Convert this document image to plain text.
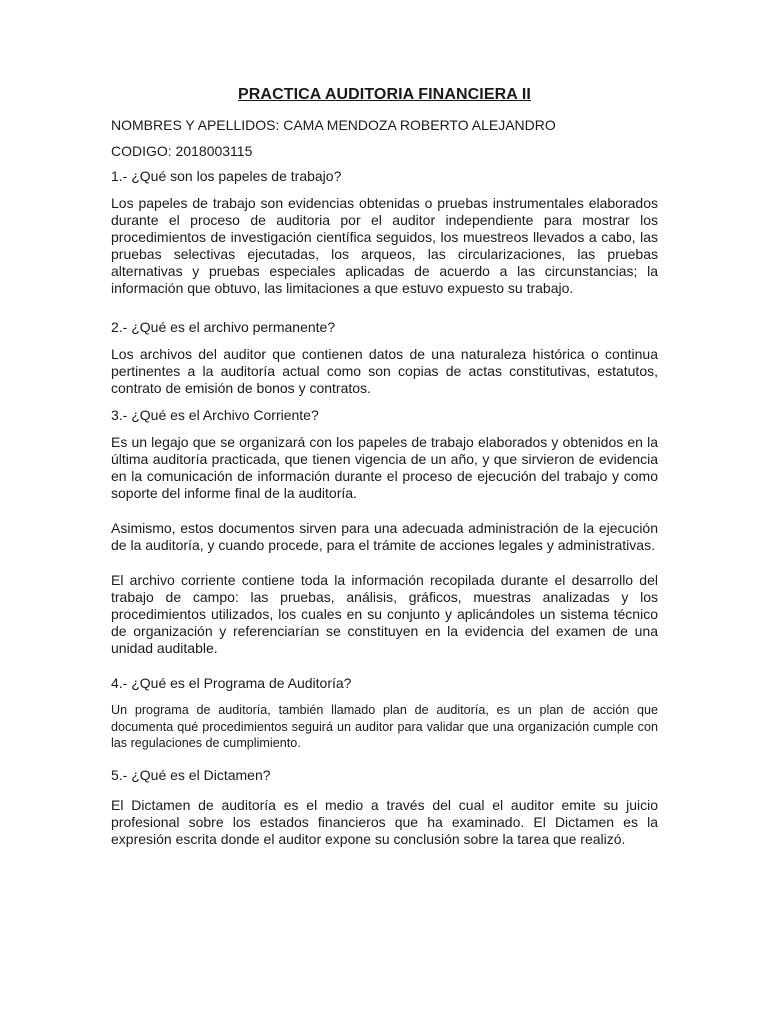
PRACTICA AUDITORIA FINANCIERA II
NOMBRES Y APELLIDOS: CAMA MENDOZA ROBERTO ALEJANDRO
CODIGO: 2018003115
1.- ¿Qué son los papeles de trabajo?
Los papeles de trabajo son evidencias obtenidas o pruebas instrumentales elaborados durante el proceso de auditoria por el auditor independiente para mostrar los procedimientos de investigación científica seguidos, los muestreos llevados a cabo, las pruebas selectivas ejecutadas, los arqueos, las circularizaciones, las pruebas alternativas y pruebas especiales aplicadas de acuerdo a las circunstancias; la información que obtuvo, las limitaciones a que estuvo expuesto su trabajo.
2.- ¿Qué es el archivo permanente?
Los archivos del auditor que contienen datos de una naturaleza histórica o continua pertinentes a la auditoría actual como son copias de actas constitutivas, estatutos, contrato de emisión de bonos y contratos.
3.- ¿Qué es el Archivo Corriente?
Es un legajo que se organizará con los papeles de trabajo elaborados y obtenidos en la última auditoría practicada, que tienen vigencia de un año, y que sirvieron de evidencia en la comunicación de información durante el proceso de ejecución del trabajo y como soporte del informe final de la auditoría.
Asimismo, estos documentos sirven para una adecuada administración de la ejecución de la auditoría, y cuando procede, para el trámite de acciones legales y administrativas.
El archivo corriente contiene toda la información recopilada durante el desarrollo del trabajo de campo: las pruebas, análisis, gráficos, muestras analizadas y los procedimientos utilizados, los cuales en su conjunto y aplicándoles un sistema técnico de organización y referenciarían se constituyen en la evidencia del examen de una unidad auditable.
4.- ¿Qué es el Programa de Auditoría?
Un programa de auditoría, también llamado plan de auditoría, es un plan de acción que documenta qué procedimientos seguirá un auditor para validar que una organización cumple con las regulaciones de cumplimiento.
5.- ¿Qué es el Dictamen?
El Dictamen de auditoría es el medio a través del cual el auditor emite su juicio profesional sobre los estados financieros que ha examinado. El Dictamen es la expresión escrita donde el auditor expone su conclusión sobre la tarea que realizó.
